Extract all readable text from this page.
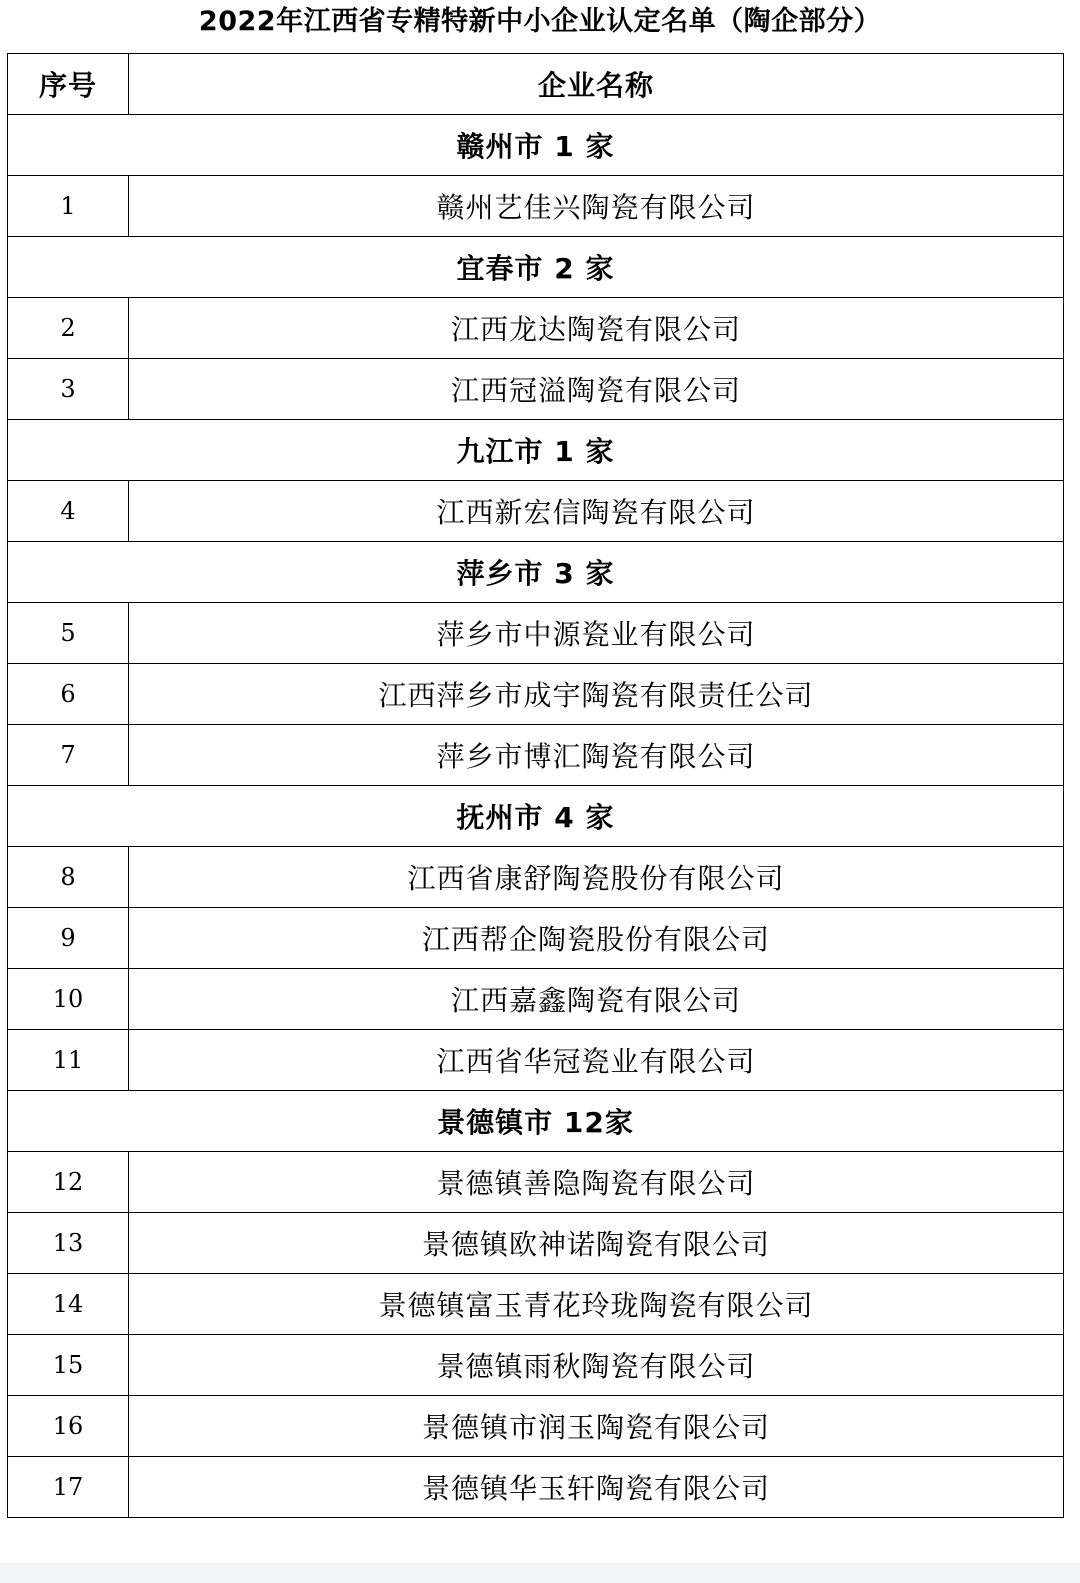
2022年江西省专精特新中小企业认定名单（陶企部分）
序号	企业名称
赣州市 1 家	
1	赣州艺佳兴陶瓷有限公司
宜春市 2 家	
2	江西龙达陶瓷有限公司
3	江西冠溢陶瓷有限公司
九江市 1 家	
4	江西新宏信陶瓷有限公司
萍乡市 3 家	
5	萍乡市中源瓷业有限公司
6	江西萍乡市成宇陶瓷有限责任公司
7	萍乡市博汇陶瓷有限公司
抚州市 4 家	
8	江西省康舒陶瓷股份有限公司
9	江西帮企陶瓷股份有限公司
10	江西嘉鑫陶瓷有限公司
11	江西省华冠瓷业有限公司
景德镇市 12家	
12	景德镇善隐陶瓷有限公司
13	景德镇欧神诺陶瓷有限公司
14	景德镇富玉青花玲珑陶瓷有限公司
15	景德镇雨秋陶瓷有限公司
16	景德镇市润玉陶瓷有限公司
17	景德镇华玉轩陶瓷有限公司
